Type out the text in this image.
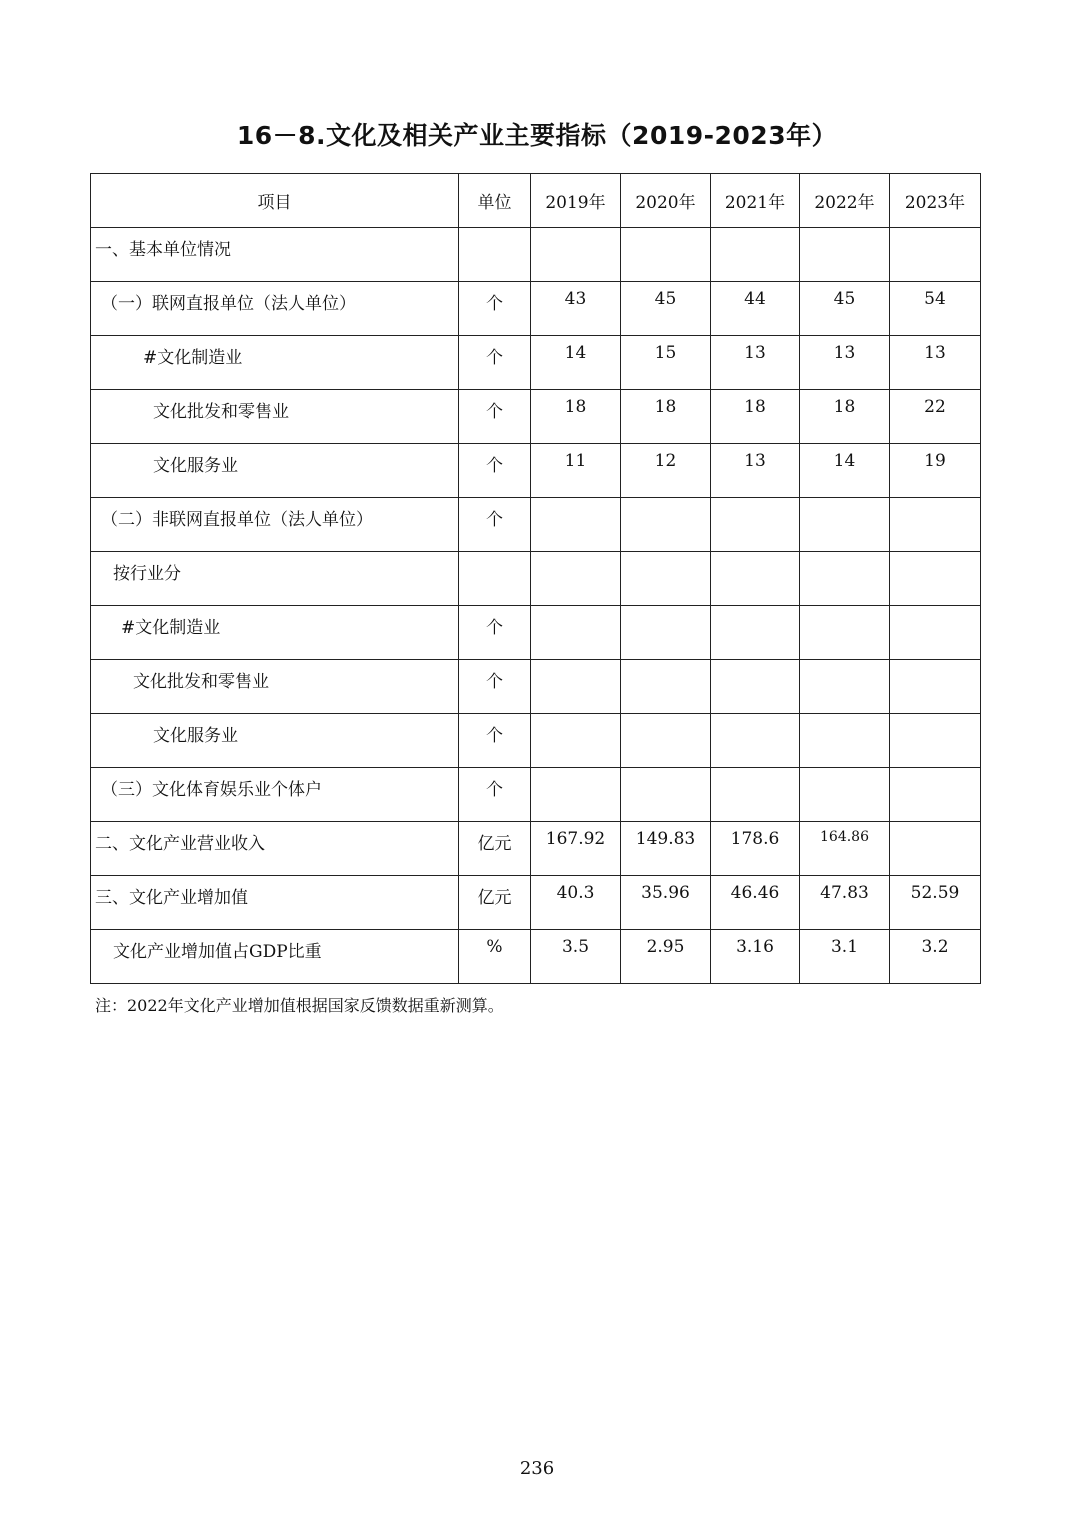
16－8.文化及相关产业主要指标（2019-2023年）
项目	单位	2019年	2020年	2021年	2022年	2023年
一、基本单位情况						
（一）联网直报单位（法人单位）	个	43	45	44	45	54
#文化制造业	个	14	15	13	13	13
文化批发和零售业	个	18	18	18	18	22
文化服务业	个	11	12	13	14	19
（二）非联网直报单位（法人单位）	个					
按行业分						
#文化制造业	个					
文化批发和零售业	个					
文化服务业	个					
（三）文化体育娱乐业个体户	个					
二、文化产业营业收入	亿元	167.92	149.83	178.6	164.86	
三、文化产业增加值	亿元	40.3	35.96	46.46	47.83	52.59
文化产业增加值占GDP比重	%	3.5	2.95	3.16	3.1	3.2
注：2022年文化产业增加值根据国家反馈数据重新测算。
236
